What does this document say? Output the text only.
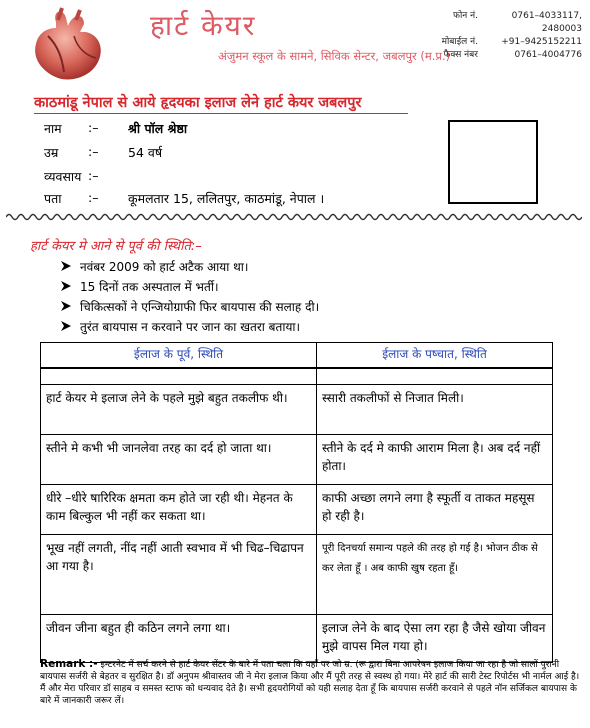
हार्ट केयर
अंजुमन स्कूल के सामने, सिविक सेन्टर, जबलपुर (म.प्र.)
फोन नं.	0761–4033117, 2480003
मोबाईल नं.	+91–9425152211
फैक्स नंबर	0761–4004776
काठमांडू नेपाल से आये हृदयका इलाज लेने हार्ट केयर जबलपुर
नाम	:–	श्री पॉल श्रेष्ठा
उम्र	:–	54 वर्ष
व्यवसाय :–
पता	:–	कूमलतार 15, ललितपुर, काठमांडू, नेपाल ।
हार्ट केयर मे आने से पूर्व की स्थिति:–
नवंबर 2009 को हार्ट अटैक आया था।
15 दिनों तक अस्पताल में भर्ती।
चिकित्सकों ने एन्जियोग्राफी फिर बायपास की सलाह दी।
तुरंत बायपास न करवाने पर जान का खतरा बताया।
ईलाज के पूर्व, स्थिति	ईलाज के पष्चात, स्थिति

हार्ट केयर मे इलाज लेने के पहले मुझे बहुत तकलीफ थी।	स्सारी तकलीफों से निजात मिली।
स्तीने मे कभी भी जानलेवा तरह का दर्द हो जाता था।	स्तीने के दर्द मे काफी आराम मिला है। अब दर्द नहीं होता।
धीरे –धीरे षारिरिक क्षमता कम होते जा रही थी। मेहनत के काम बिल्कुल भी नहीं कर सकता था।	काफी अच्छा लगने लगा है स्फूर्ती व ताकत महसूस हो रही है।
भूख नहीं लगती, नींद नहीं आती स्वभाव में भी चिढ–चिढापन आ गया है।	पूरी दिनचर्या समान्य पहले की तरह हो गई है। भोजन ठीक से कर लेता हूँ । अब काफी खुष रहता हूँ।
जीवन जीना बहुत ही कठिन लगने लगा था।	इलाज लेने के बाद ऐसा लग रहा है जैसे खोया जीवन मुझे वापस मिल गया हो।
Remark :- इन्टरनेट में सर्च करने से हार्ट केयर सेंटर के बारे में पता चला कि यहाँ पर जो म्र. (रू द्वारा बिना आपरेषन इलाज किया जा रहा है जो सालों पुरानी बायपास सर्जरी से बेहतर व सुरक्षित है। डॉ अनुपम श्रीवास्तव जी ने मेरा इलाज किया और मैं पूरी तरह से स्वस्थ हो गया। मेरे हार्ट की सारी टेस्ट रिपोर्टस भी नार्मल आई है। मैं और मेरा परिवार डॉ साहब व समस्त स्टाफ को धन्यवाद देते है। सभी हृदयरोगियों को यही सलाह देता हूँ कि बायपास सर्जरी करवाने से पहले नॉन सर्जिकल बायपास के बारे में जानकारी जरूर लें।
